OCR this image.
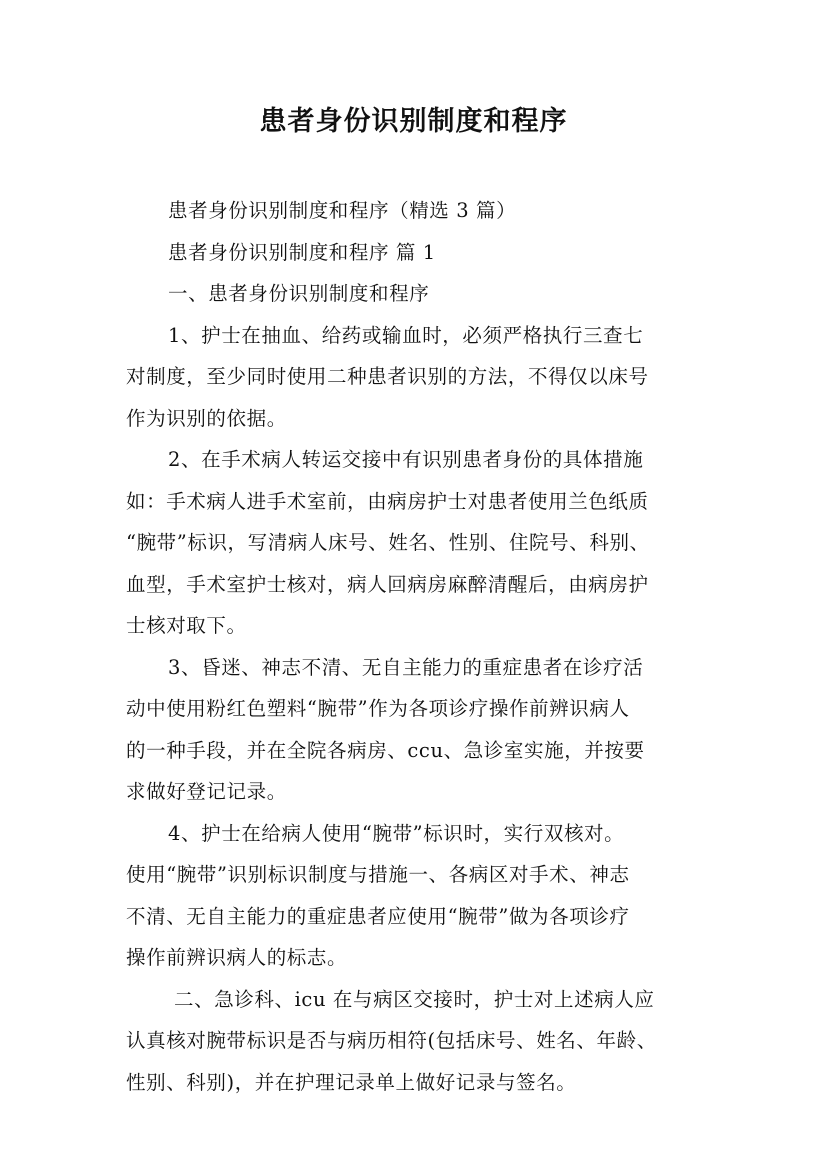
患者身份识别制度和程序
患者身份识别制度和程序（精选 3 篇）
患者身份识别制度和程序 篇 1
一、患者身份识别制度和程序
1、护士在抽血、给药或输血时，必须严格执行三查七
对制度，至少同时使用二种患者识别的方法，不得仅以床号
作为识别的依据。
2、在手术病人转运交接中有识别患者身份的具体措施
如：手术病人进手术室前，由病房护士对患者使用兰色纸质
“腕带”标识，写清病人床号、姓名、性别、住院号、科别、
血型，手术室护士核对，病人回病房麻醉清醒后，由病房护
士核对取下。
3、昏迷、神志不清、无自主能力的重症患者在诊疗活
动中使用粉红色塑料“腕带”作为各项诊疗操作前辨识病人
的一种手段，并在全院各病房、ccu、急诊室实施，并按要
求做好登记记录。
4、护士在给病人使用“腕带”标识时，实行双核对。
使用“腕带”识别标识制度与措施一、各病区对手术、神志
不清、无自主能力的重症患者应使用“腕带”做为各项诊疗
操作前辨识病人的标志。
二、急诊科、icu 在与病区交接时，护士对上述病人应
认真核对腕带标识是否与病历相符(包括床号、姓名、年龄、
性别、科别)，并在护理记录单上做好记录与签名。
